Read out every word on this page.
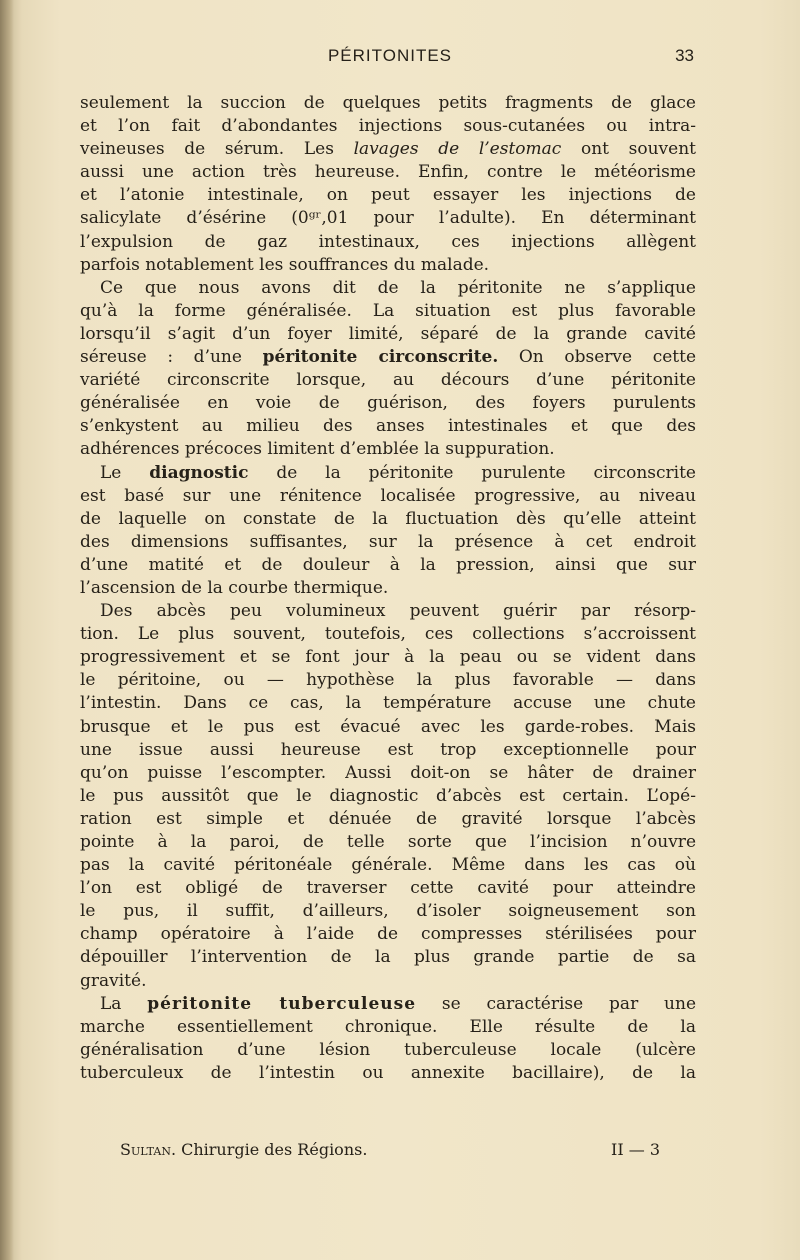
PÉRITONITES	33
seulement la succion de quelques petits fragments de glace
et l’on fait d’abondantes injections sous-cutanées ou intra-
veineuses de sérum. Les lavages de l’estomac ont souvent
aussi une action très heureuse. Enfin, contre le météorisme
et l’atonie intestinale, on peut essayer les injections de
salicylate d’ésérine (0ᵍʳ,01 pour l’adulte). En déterminant
l’expulsion de gaz intestinaux, ces injections allègent
parfois notablement les souffrances du malade.
Ce que nous avons dit de la péritonite ne s’applique
qu’à la forme généralisée. La situation est plus favorable
lorsqu’il s’agit d’un foyer limité, séparé de la grande cavité
séreuse : d’une péritonite circonscrite. On observe cette
variété circonscrite lorsque, au décours d’une péritonite
généralisée en voie de guérison, des foyers purulents
s’enkystent au milieu des anses intestinales et que des
adhérences précoces limitent d’emblée la suppuration.
Le diagnostic de la péritonite purulente circonscrite
est basé sur une rénitence localisée progressive, au niveau
de laquelle on constate de la fluctuation dès qu’elle atteint
des dimensions suffisantes, sur la présence à cet endroit
d’une matité et de douleur à la pression, ainsi que sur
l’ascension de la courbe thermique.
Des abcès peu volumineux peuvent guérir par résorp-
tion. Le plus souvent, toutefois, ces collections s’accroissent
progressivement et se font jour à la peau ou se vident dans
le péritoine, ou — hypothèse la plus favorable — dans
l’intestin. Dans ce cas, la température accuse une chute
brusque et le pus est évacué avec les garde-robes. Mais
une issue aussi heureuse est trop exceptionnelle pour
qu’on puisse l’escompter. Aussi doit-on se hâter de drainer
le pus aussitôt que le diagnostic d’abcès est certain. L’opé-
ration est simple et dénuée de gravité lorsque l’abcès
pointe à la paroi, de telle sorte que l’incision n’ouvre
pas la cavité péritonéale générale. Même dans les cas où
l’on est obligé de traverser cette cavité pour atteindre
le pus, il suffit, d’ailleurs, d’isoler soigneusement son
champ opératoire à l’aide de compresses stérilisées pour
dépouiller l’intervention de la plus grande partie de sa
gravité.
La péritonite tuberculeuse se caractérise par une
marche essentiellement chronique. Elle résulte de la
généralisation d’une lésion tuberculeuse locale (ulcère
tuberculeux de l’intestin ou annexite bacillaire), de la
Sultan. Chirurgie des Régions.	II — 3
